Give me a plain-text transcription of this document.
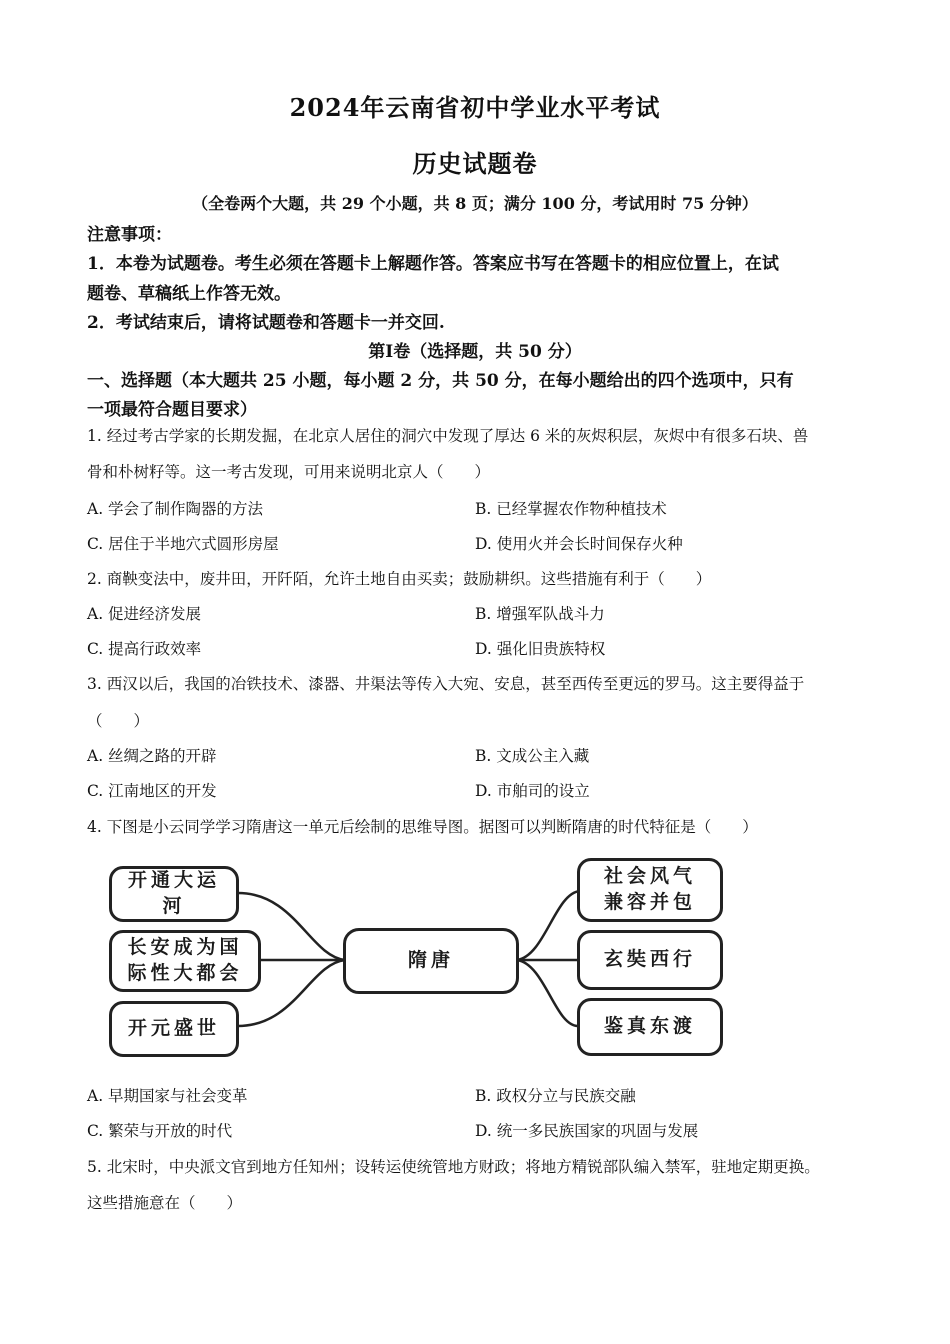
2024年云南省初中学业水平考试
历史试题卷
（全卷两个大题，共 29 个小题，共 8 页；满分 100 分，考试用时 75 分钟）
注意事项：
1．本卷为试题卷。考生必须在答题卡上解题作答。答案应书写在答题卡的相应位置上，在试
题卷、草稿纸上作答无效。
2．考试结束后，请将试题卷和答题卡一并交回.
第Ⅰ卷（选择题，共 50 分）
一、选择题（本大题共 25 小题，每小题 2 分，共 50 分，在每小题给出的四个选项中，只有
一项最符合题目要求）
1. 经过考古学家的长期发掘，在北京人居住的洞穴中发现了厚达 6 米的灰烬积层，灰烬中有很多石块、兽
骨和朴树籽等。这一考古发现，可用来说明北京人（　　）
A. 学会了制作陶器的方法	B. 已经掌握农作物种植技术
C. 居住于半地穴式圆形房屋	D. 使用火并会长时间保存火种
2. 商鞅变法中，废井田，开阡陌，允许土地自由买卖；鼓励耕织。这些措施有利于（　　）
A. 促进经济发展	B. 增强军队战斗力
C. 提高行政效率	D. 强化旧贵族特权
3. 西汉以后，我国的冶铁技术、漆器、井渠法等传入大宛、安息，甚至西传至更远的罗马。这主要得益于
（　　）
A. 丝绸之路的开辟	B. 文成公主入藏
C. 江南地区的开发	D. 市舶司的设立
4. 下图是小云同学学习隋唐这一单元后绘制的思维导图。据图可以判断隋唐的时代特征是（　　）
开通大运河
长安成为国
际性大都会
开元盛世
隋唐
社会风气
兼容并包
玄奘西行
鉴真东渡
A. 早期国家与社会变革	B. 政权分立与民族交融
C. 繁荣与开放的时代	D. 统一多民族国家的巩固与发展
5. 北宋时，中央派文官到地方任知州；设转运使统管地方财政；将地方精锐部队编入禁军，驻地定期更换。
这些措施意在（　　）
